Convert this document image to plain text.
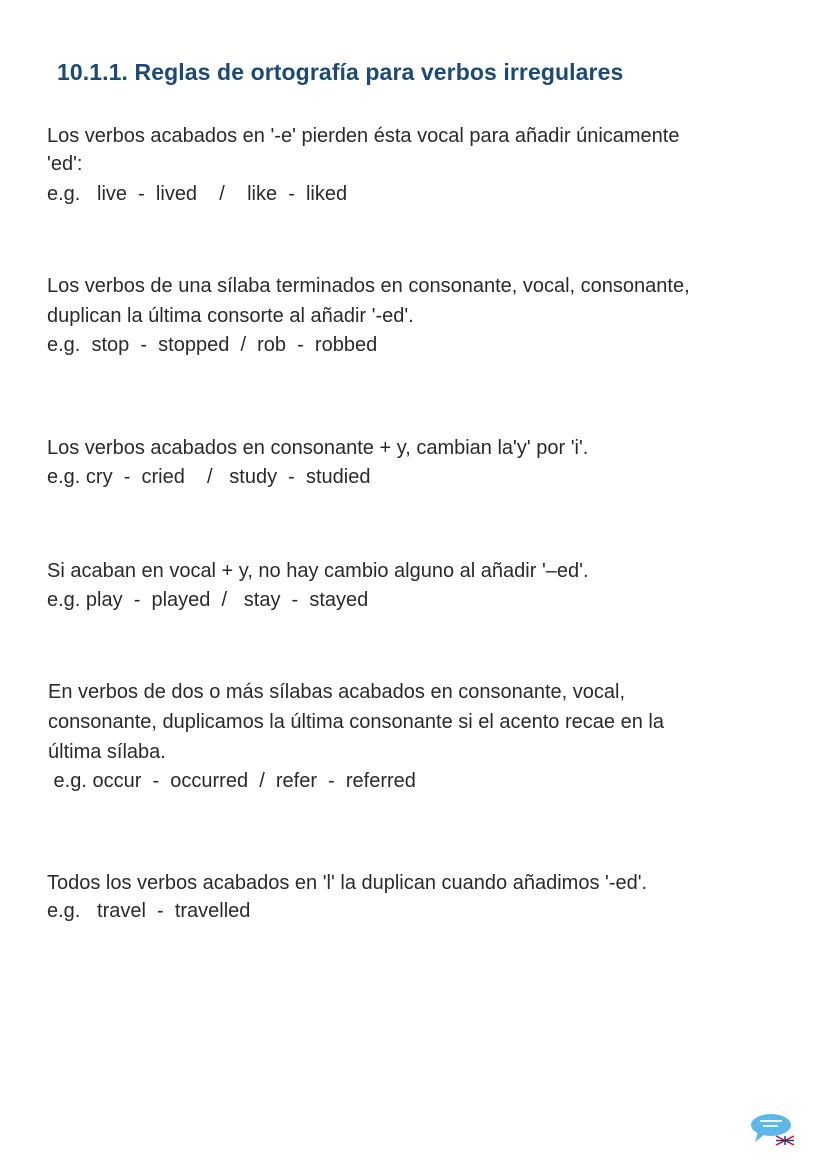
10.1.1. Reglas de ortografía para verbos irregulares
Los verbos acabados en '-e' pierden ésta vocal para añadir únicamente
'ed':
e.g.   live  -  lived    /    like  -  liked
Los verbos de una sílaba terminados en consonante, vocal, consonante,
duplican la última consorte al añadir '-ed'.
e.g.  stop  -  stopped  /  rob  -  robbed
Los verbos acabados en consonante + y, cambian la'y' por 'i'.
e.g. cry  -  cried    /   study  -  studied
Si acaban en vocal + y, no hay cambio alguno al añadir '–ed'.
e.g. play  -  played  /   stay  -  stayed
En verbos de dos o más sílabas acabados en consonante, vocal,
consonante, duplicamos la última consonante si el acento recae en la
última sílaba.
e.g. occur  -  occurred  /  refer  -  referred
Todos los verbos acabados en 'l' la duplican cuando añadimos '-ed'.
e.g.   travel  -  travelled
